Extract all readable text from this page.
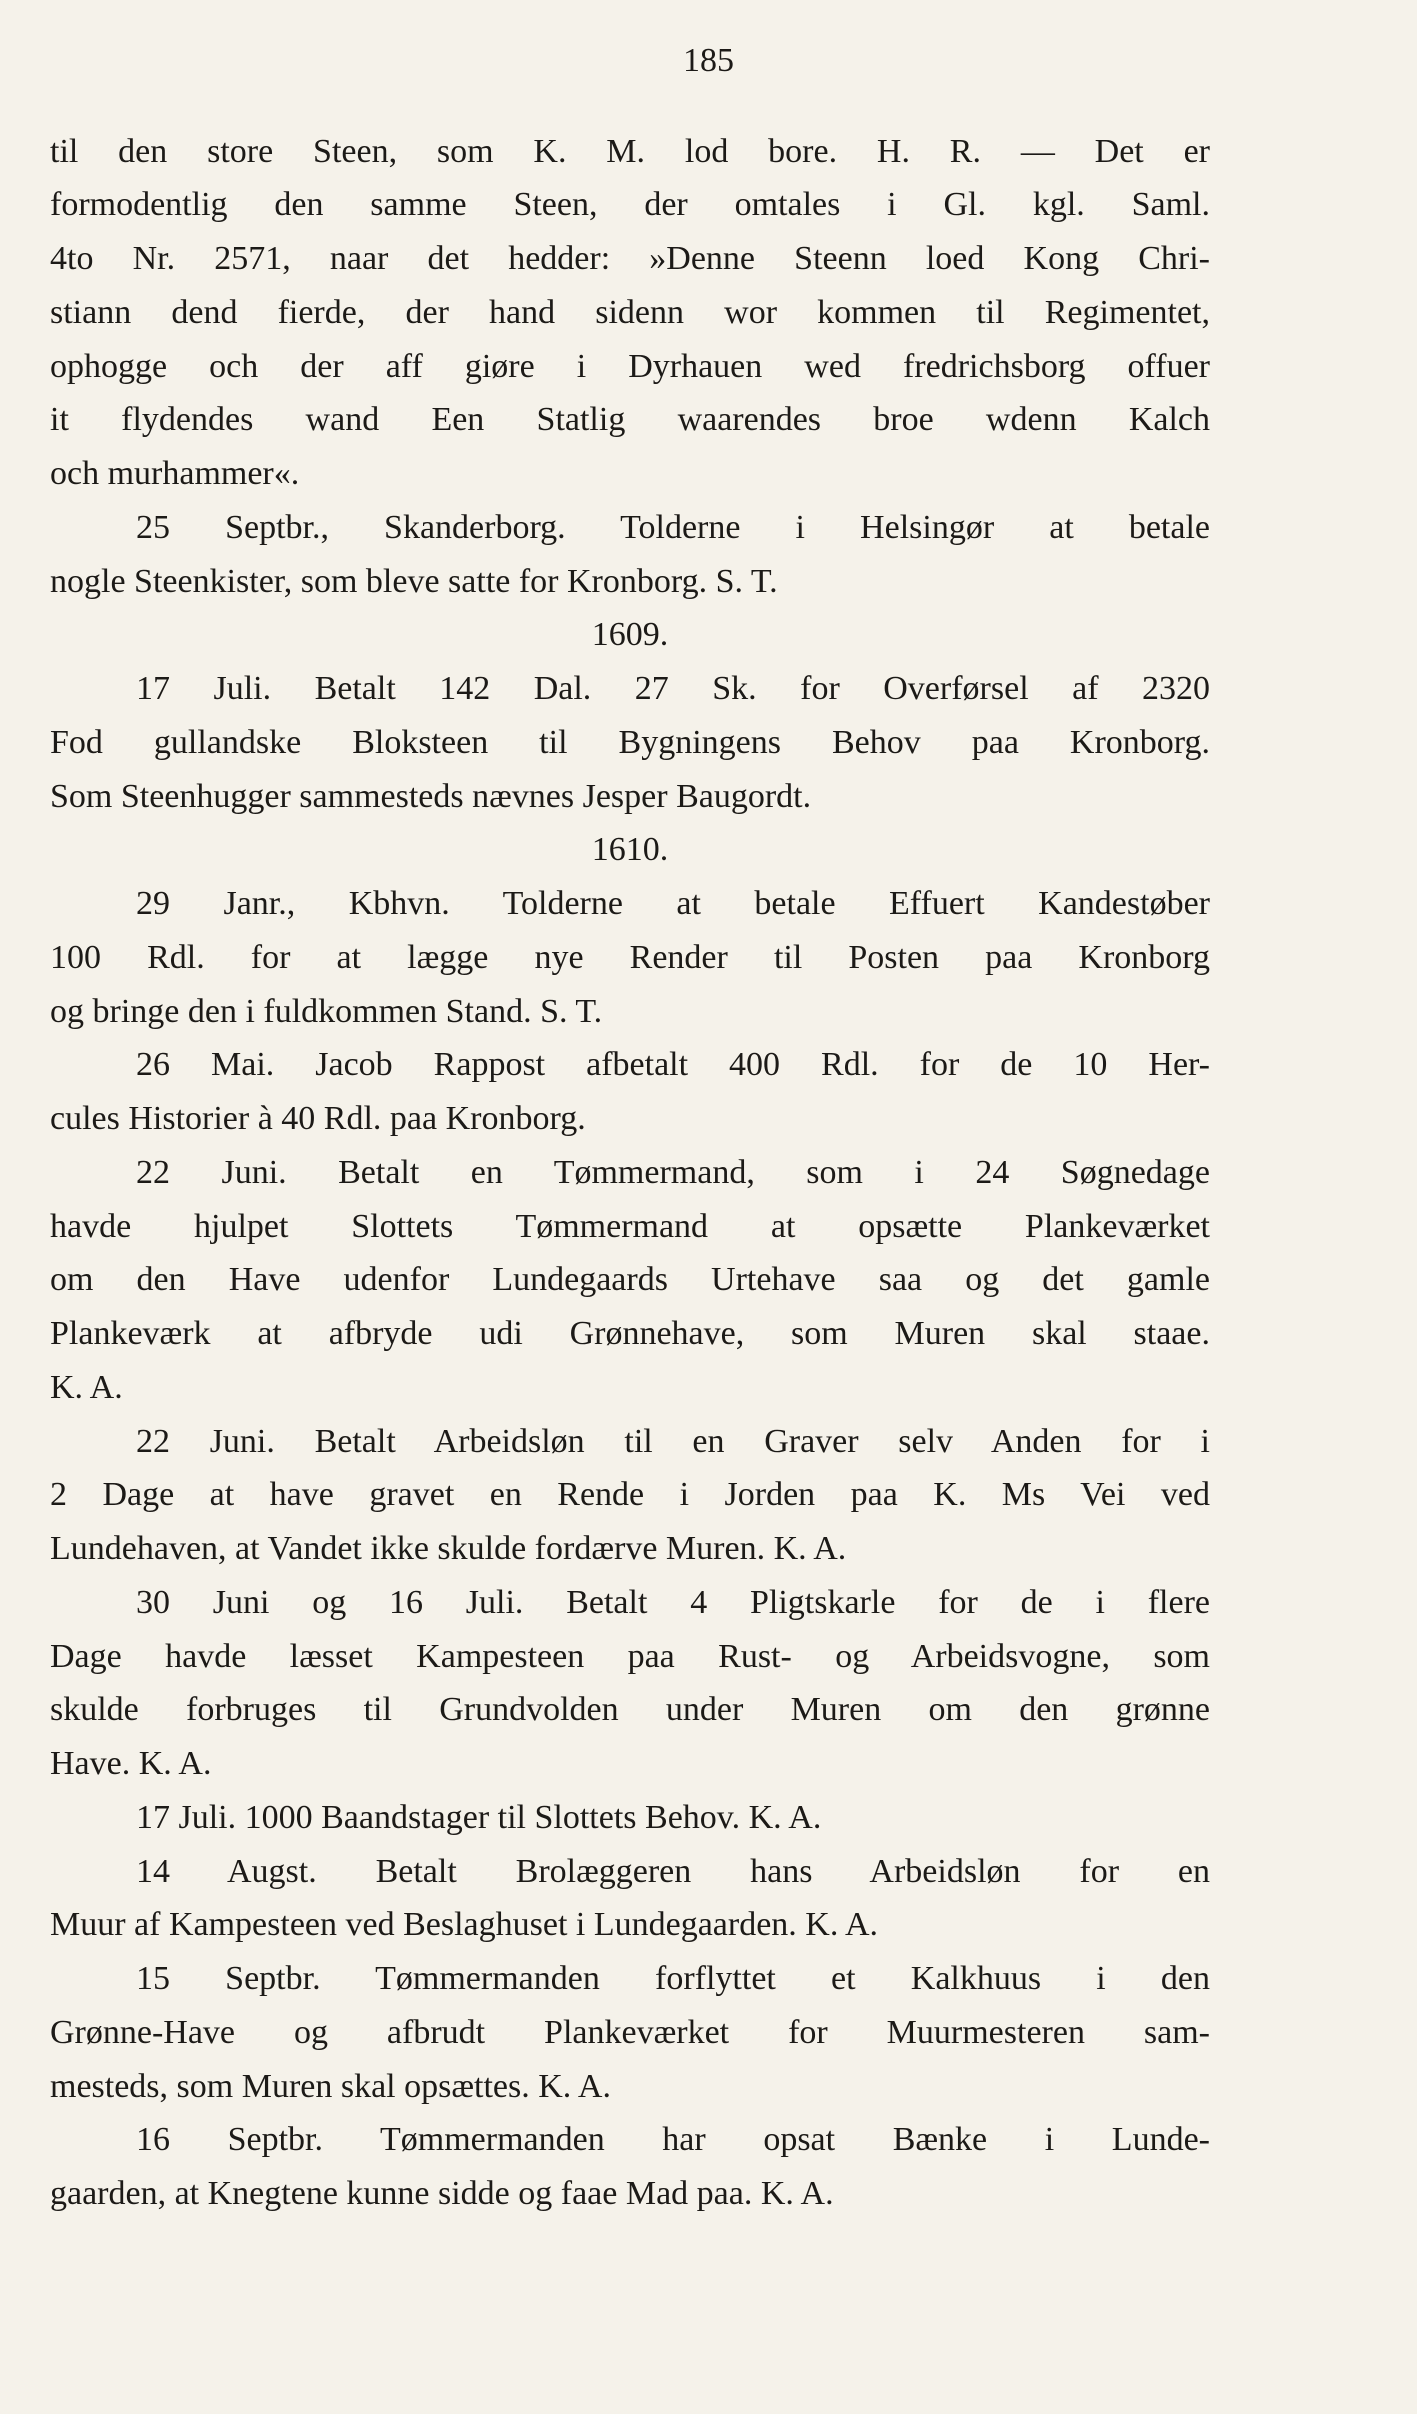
185
til den store Steen, som K. M. lod bore. H. R. — Det er
formodentlig den samme Steen, der omtales i Gl. kgl. Saml.
4to Nr. 2571, naar det hedder: »Denne Steenn loed Kong Chri-
stiann dend fierde, der hand sidenn wor kommen til Regimentet,
ophogge och der aff giøre i Dyrhauen wed fredrichsborg offuer
it flydendes wand Een Statlig waarendes broe wdenn Kalch
och murhammer«.
25 Septbr., Skanderborg. Tolderne i Helsingør at betale
nogle Steenkister, som bleve satte for Kronborg. S. T.
1609.
17 Juli. Betalt 142 Dal. 27 Sk. for Overførsel af 2320
Fod gullandske Bloksteen til Bygningens Behov paa Kronborg.
Som Steenhugger sammesteds nævnes Jesper Baugordt.
1610.
29 Janr., Kbhvn. Tolderne at betale Effuert Kandestøber
100 Rdl. for at lægge nye Render til Posten paa Kronborg
og bringe den i fuldkommen Stand. S. T.
26 Mai. Jacob Rappost afbetalt 400 Rdl. for de 10 Her-
cules Historier à 40 Rdl. paa Kronborg.
22 Juni. Betalt en Tømmermand, som i 24 Søgnedage
havde hjulpet Slottets Tømmermand at opsætte Plankeværket
om den Have udenfor Lundegaards Urtehave saa og det gamle
Plankeværk at afbryde udi Grønnehave, som Muren skal staae.
K. A.
22 Juni. Betalt Arbeidsløn til en Graver selv Anden for i
2 Dage at have gravet en Rende i Jorden paa K. Ms Vei ved
Lundehaven, at Vandet ikke skulde fordærve Muren. K. A.
30 Juni og 16 Juli. Betalt 4 Pligtskarle for de i flere
Dage havde læsset Kampesteen paa Rust- og Arbeidsvogne, som
skulde forbruges til Grundvolden under Muren om den grønne
Have. K. A.
17 Juli. 1000 Baandstager til Slottets Behov. K. A.
14 Augst. Betalt Brolæggeren hans Arbeidsløn for en
Muur af Kampesteen ved Beslaghuset i Lundegaarden. K. A.
15 Septbr. Tømmermanden forflyttet et Kalkhuus i den
Grønne-Have og afbrudt Plankeværket for Muurmesteren sam-
mesteds, som Muren skal opsættes. K. A.
16 Septbr. Tømmermanden har opsat Bænke i Lunde-
gaarden, at Knegtene kunne sidde og faae Mad paa. K. A.
